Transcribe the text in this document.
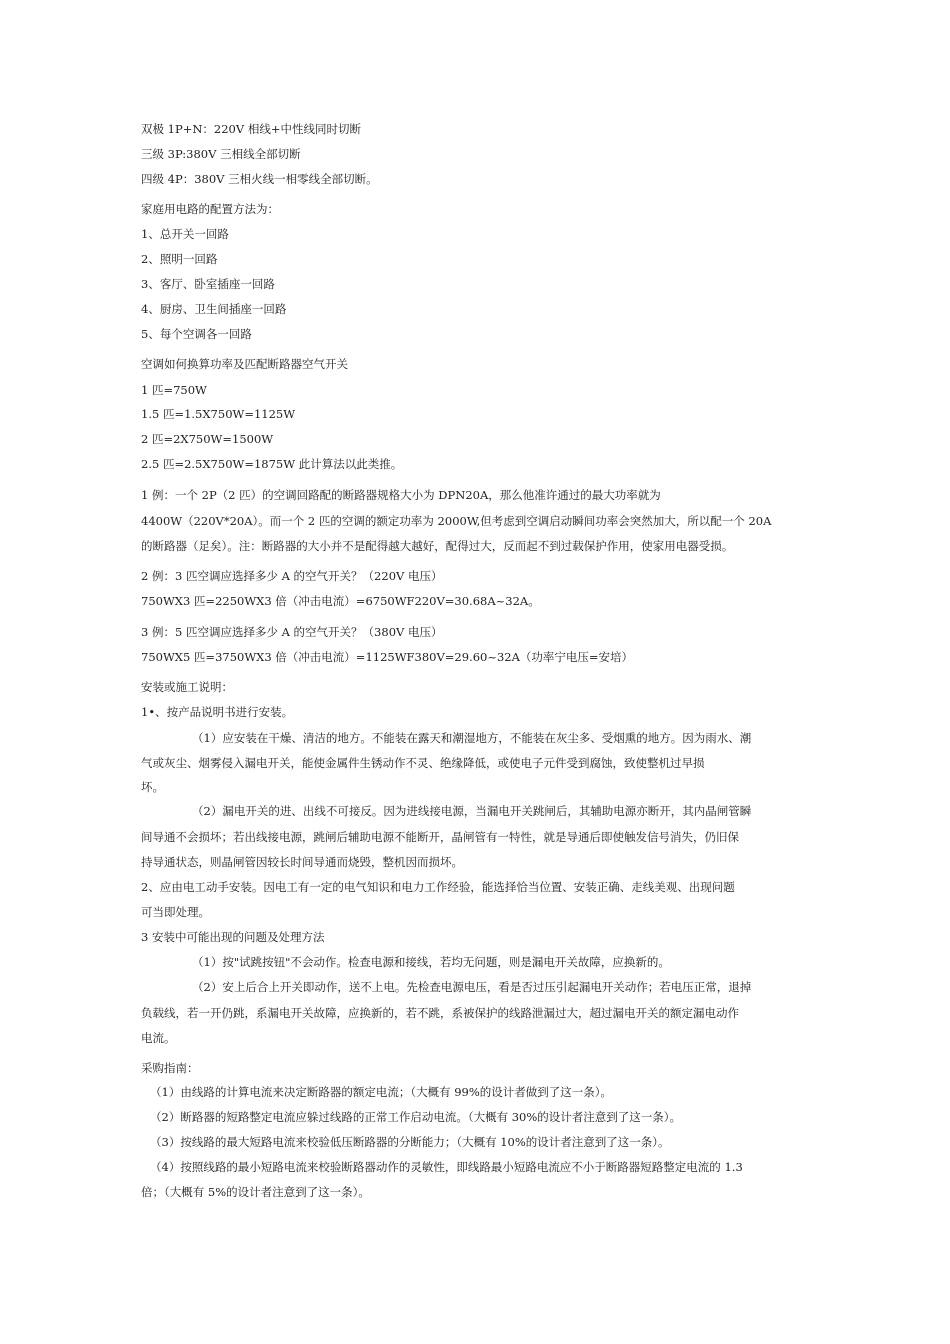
双极 1P+N：220V 相线+中性线同时切断
三级 3P:380V 三相线全部切断
四级 4P：380V 三相火线一相零线全部切断。
家庭用电路的配置方法为：
1、总开关一回路
2、照明一回路
3、客厅、卧室插座一回路
4、厨房、卫生间插座一回路
5、每个空调各一回路
空调如何换算功率及匹配断路器空气开关
1 匹=750W
1.5 匹=1.5X750W=1125W
2 匹=2X750W=1500W
2.5 匹=2.5X750W=1875W 此计算法以此类推。
1 例：一个 2P（2 匹）的空调回路配的断路器规格大小为 DPN20A，那么他准许通过的最大功率就为
4400W（220V*20A）。而一个 2 匹的空调的额定功率为 2000W,但考虑到空调启动瞬间功率会突然加大，所以配一个 20A
的断路器（足矣）。注：断路器的大小并不是配得越大越好，配得过大，反而起不到过载保护作用，使家用电器受损。
2 例：3 匹空调应选择多少 A 的空气开关？（220V 电压）
750WX3 匹=2250WX3 倍（冲击电流）=6750WF220V=30.68A~32A。
3 例：5 匹空调应选择多少 A 的空气开关？（380V 电压）
750WX5 匹=3750WX3 倍（冲击电流）=1125WF380V=29.60~32A（功率宁电压=安培）
安装或施工说明：
1•、按产品说明书进行安装。
（1）应安装在干燥、清洁的地方。不能装在露天和潮湿地方，不能装在灰尘多、受烟熏的地方。因为雨水、潮
气或灰尘、烟雾侵入漏电开关，能使金属件生锈动作不灵、绝缘降低，或使电子元件受到腐蚀，致使整机过早损
坏。
（2）漏电开关的进、出线不可接反。因为进线接电源，当漏电开关跳闸后，其辅助电源亦断开，其内晶闸管瞬
间导通不会损坏；若出线接电源，跳闸后辅助电源不能断开，晶闸管有一特性，就是导通后即使触发信号消失，仍旧保
持导通状态，则晶闸管因较长时间导通而烧毁，整机因而损坏。
2、应由电工动手安装。因电工有一定的电气知识和电力工作经验，能选择恰当位置、安装正确、走线美观、出现问题
可当即处理。
3 安装中可能出现的问题及处理方法
（1）按"试跳按钮"不会动作。检查电源和接线，若均无问题，则是漏电开关故障，应换新的。
（2）安上后合上开关即动作，送不上电。先检查电源电压，看是否过压引起漏电开关动作；若电压正常，退掉
负载线，若一开仍跳，系漏电开关故障，应换新的，若不跳，系被保护的线路泄漏过大，超过漏电开关的额定漏电动作
电流。
采购指南：
（1）由线路的计算电流来决定断路器的额定电流；（大概有 99%的设计者做到了这一条）。
（2）断路器的短路整定电流应躲过线路的正常工作启动电流。（大概有 30%的设计者注意到了这一条）。
（3）按线路的最大短路电流来校验低压断路器的分断能力；（大概有 10%的设计者注意到了这一条）。
（4）按照线路的最小短路电流来校验断路器动作的灵敏性，即线路最小短路电流应不小于断路器短路整定电流的 1.3
倍；（大概有 5%的设计者注意到了这一条）。
